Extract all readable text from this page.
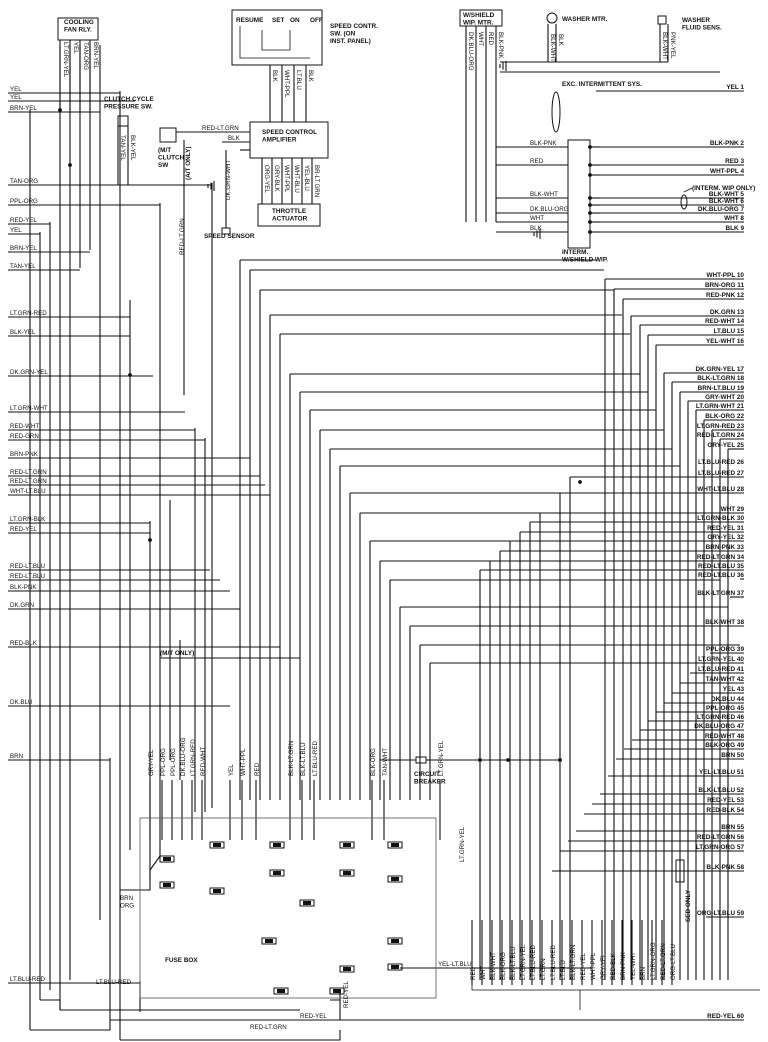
YEL 1
BLK-PNK 2
RED 3
WHT-PPL 4
BLK-WHT 5
BLK-WHT 6
DK.BLU-ORG 7
WHT 8
BLK 9
WHT-PPL 10
BRN-ORG 11
RED-PNK 12
DK.GRN 13
RED-WHT 14
LT.BLU 15
YEL-WHT 16
DK.GRN-YEL 17
BLK-LT.GRN 18
BRN-LT.BLU 19
GRY-WHT 20
LT.GRN-WHT 21
BLK-ORG 22
LT.GRN-RED 23
RED-LT.GRN 24
GRY-YEL 25
LT.BLU-RED 26
LT.BLU-RED 27
WHT-LT.BLU 28
WHT 29
LT.GRN-BLK 30
RED-YEL 31
GRY-YEL 32
BRN-PNK 33
RED-LT.GRN 34
RED-LT.BLU 35
RED-LT.BLU 36
BLK-LT.GRN 37
BLK-WHT 38
PPL-ORG 39
LT.GRN-YEL 40
LT.BLU-RED 41
TAN-WHT 42
YEL 43
DK.BLU 44
PPL-ORG 45
LT.GRN-RED 46
DK.BLU-ORG 47
RED-WHT 48
BLK-ORG 49
BRN 50
YEL-LT.BLU 51
BLK-LT.BLU 52
RED-YEL 53
RED-BLK 54
BRN 55
RED-LT.GRN 56
LT.GRN-ORG 57
BLK-PNK 58
ORG-LT.BLU 59
RED-YEL 60
YEL
YEL
BRN-YEL
TAN-ORG
PPL-ORG
RED-YEL
YEL
BRN-YEL
TAN-YEL
LT.GRN-RED
BLK-YEL
DK.GRN-YEL
LT.GRN-WHT
RED-WHT
RED-GRN
BRN-PNK
RED-LT.GRN
RED-LT.GRN
WHT-LT.BLU
LT.GRN-BLK
RED-YEL
RED-LT.BLU
RED-LT.BLU
BLK-PNK
DK.GRN
RED-BLK
DK.BLU
BRN
LT.BLU-RED
COOLING
FAN RLY.
LT.GRN-YEL YEL TAN-ORG BRN-YEL
CLUTCH CYCLE
PRESSURE SW.
TAN-YEL BLK-YEL
RESUME SET ON OFF
SPEED CONTR.
SW. (ON
INST. PANEL)
BLK WHT-PPL LT.BLU BLK
SPEED CONTROL
AMPLIFIER
RED-LT.GRN
BLK
DK.GRN-WHT
SPEED SENSOR
(M/T
CLUTCH
SW	(A/T ONLY)
RED-LT.GRN
ORG-YEL GRY-BLK WHT-PPL WHT-BLU YEL-BLU BR-LT.GRN
THROTTLE
ACTUATOR
W/SHIELD
WIP. MTR.
DK.BLU-ORG WHT RED BLK-PNK
WASHER MTR.
BLK-WHT BLK
WASHER
FLUID SENS.
BLK-WHT PNK-YEL
EXC. INTERMITTENT SYS.
INTERM.
W/SHIELD WIP.
BLK-PNK
RED
BLK-WHT
DK.BLU-ORG
WHT
BLK
(INTERM. WIP ONLY)
(M/T ONLY)
CIRCUIT
BREAKER
FUSE BOX
GRY-YEL PPL-ORG PPL-ORG DK.BLU-ORG LT.GRN-RED RED-WHT	YEL WHT-PPL RED	BLK-LT.GRN BLK-LT.BLU LT.BLU-RED	BLK-ORG TAN-WHT	LT.GRN-YEL
BRN
ORG
LT.BLU-RED
RED-YEL
RED-LT.GRN
YEL-LT.BLU
LT.GRN-YEL
RED-YEL
RED WHT BLK-WHT BLK-ORG BLK-LT.BLU LT.GRN-YEL LT.BLU-RED LT.GRN LT.BLU-RED LT.BLU BLK-LT.GRN RED-YEL WHT-PPL GRY-YEL RED-BLK BRN-PNK YEL-WHT BRN LT.GRN-ORG RED-LT.GRN ORG-LT.BLU
SED ONLY
